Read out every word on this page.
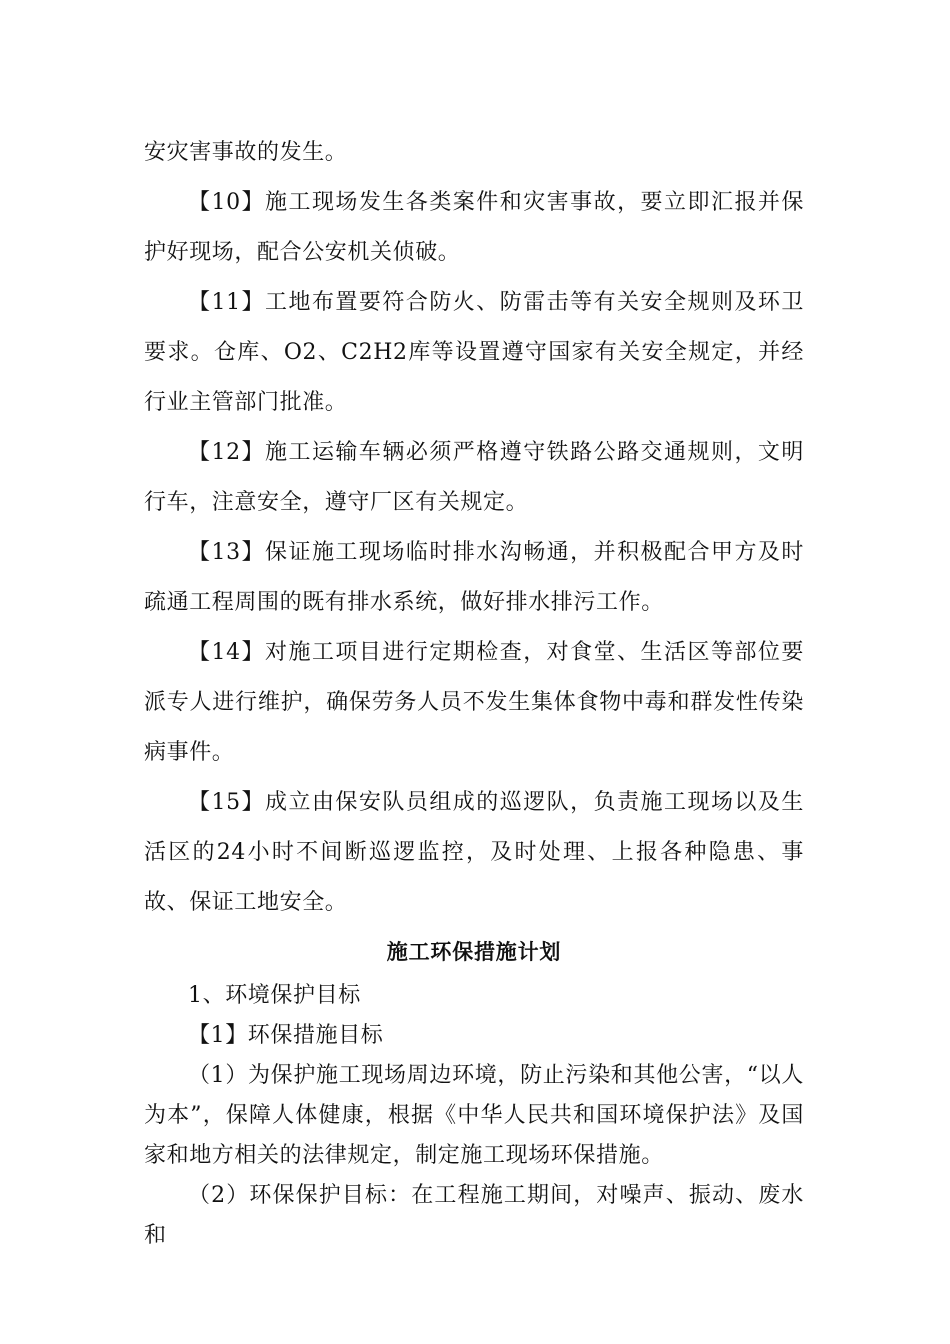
安灾害事故的发生。

【10】施工现场发生各类案件和灾害事故，要立即汇报并保护好现场，配合公安机关侦破。

【11】工地布置要符合防火、防雷击等有关安全规则及环卫要求。仓库、O2、C2H2库等设置遵守国家有关安全规定，并经行业主管部门批准。

【12】施工运输车辆必须严格遵守铁路公路交通规则，文明行车，注意安全，遵守厂区有关规定。

【13】保证施工现场临时排水沟畅通，并积极配合甲方及时疏通工程周围的既有排水系统，做好排水排污工作。

【14】对施工项目进行定期检查，对食堂、生活区等部位要派专人进行维护，确保劳务人员不发生集体食物中毒和群发性传染病事件。

【15】成立由保安队员组成的巡逻队，负责施工现场以及生活区的24小时不间断巡逻监控，及时处理、上报各种隐患、事故、保证工地安全。

施工环保措施计划

1、环境保护目标

【1】环保措施目标

（1）为保护施工现场周边环境，防止污染和其他公害，“以人为本”，保障人体健康，根据《中华人民共和国环境保护法》及国家和地方相关的法律规定，制定施工现场环保措施。

（2）环保保护目标：在工程施工期间，对噪声、振动、废水和
